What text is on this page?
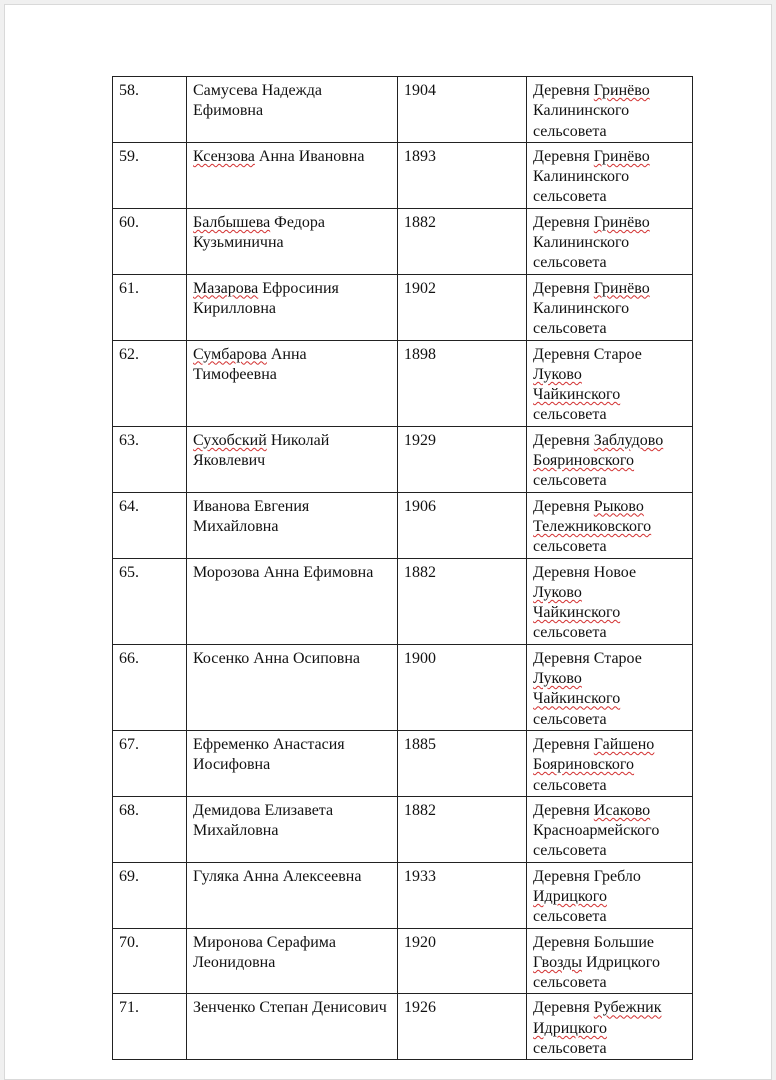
58.	Самусева Надежда Ефимовна	1904	Деревня Гринёво
Калининского
сельсовета
59.	Ксензова Анна Ивановна	1893	Деревня Гринёво
Калининского
сельсовета
60.	Балбышева Федора Кузьминична	1882	Деревня Гринёво
Калининского
сельсовета
61.	Мазарова Ефросиния Кирилловна	1902	Деревня Гринёво
Калининского
сельсовета
62.	Сумбарова Анна Тимофеевна	1898	Деревня Старое
Луково
Чайкинского
сельсовета
63.	Сухобский Николай Яковлевич	1929	Деревня Заблудово
Бояриновского
сельсовета
64.	Иванова Евгения Михайловна	1906	Деревня Рыково
Тележниковского
сельсовета
65.	Морозова Анна Ефимовна	1882	Деревня Новое
Луково
Чайкинского
сельсовета
66.	Косенко Анна Осиповна	1900	Деревня Старое
Луково
Чайкинского
сельсовета
67.	Ефременко Анастасия Иосифовна	1885	Деревня Гайшено
Бояриновского
сельсовета
68.	Демидова Елизавета Михайловна	1882	Деревня Исаково
Красноармейского
сельсовета
69.	Гуляка Анна Алексеевна	1933	Деревня Гребло
Идрицкого
сельсовета
70.	Миронова Серафима Леонидовна	1920	Деревня Большие
Гвозды Идрицкого
сельсовета
71.	Зенченко Степан Денисович	1926	Деревня Рубежник
Идрицкого
сельсовета
